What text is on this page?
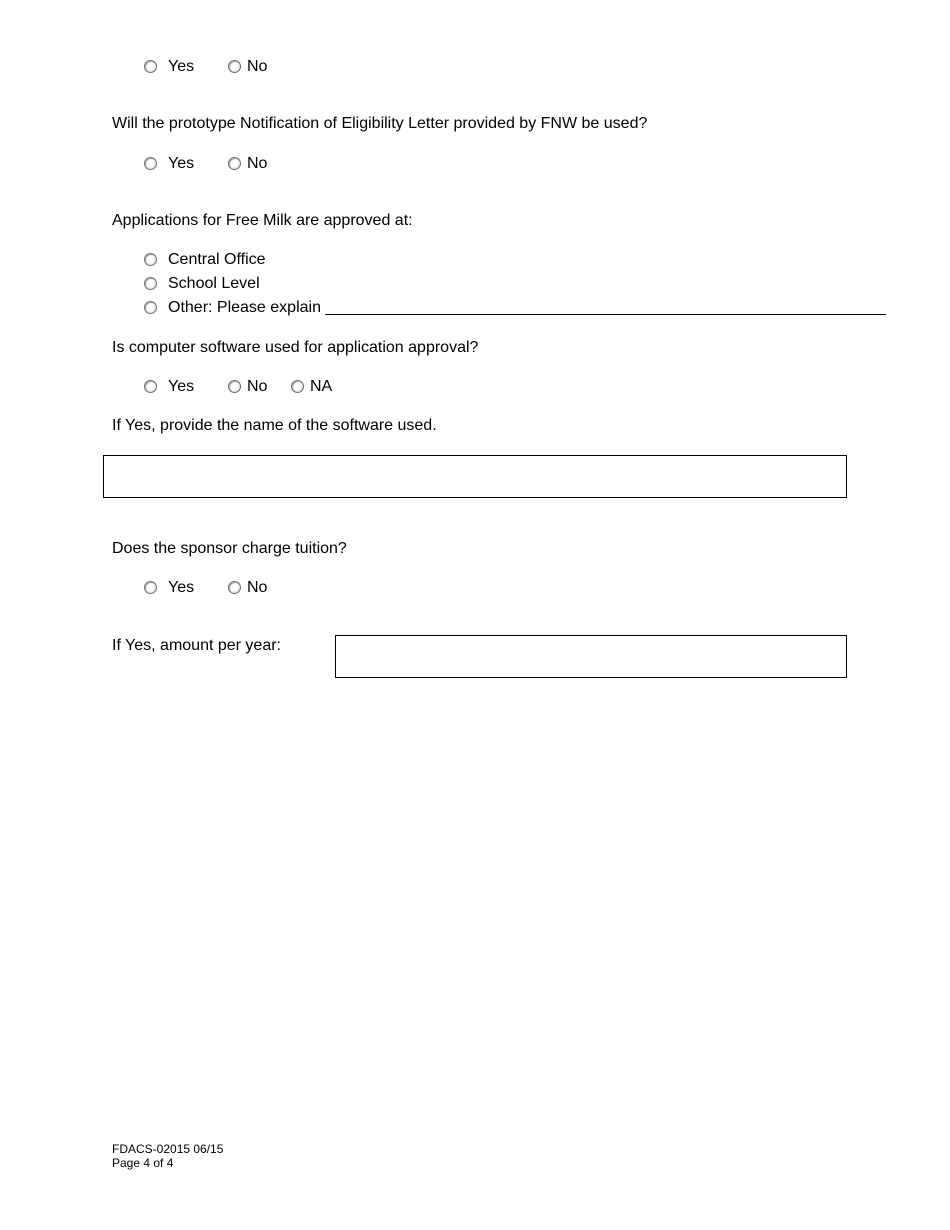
Yes	No
Will the prototype Notification of Eligibility Letter provided by FNW be used?
Yes	No
Applications for Free Milk are approved at:
Central Office
School Level
Other: Please explain _______________________________________________________________
Is computer software used for application approval?
Yes	No	NA
If Yes, provide the name of the software used.
Does the sponsor charge tuition?
Yes	No
If Yes, amount per year:
FDACS-02015 06/15
Page 4 of 4
